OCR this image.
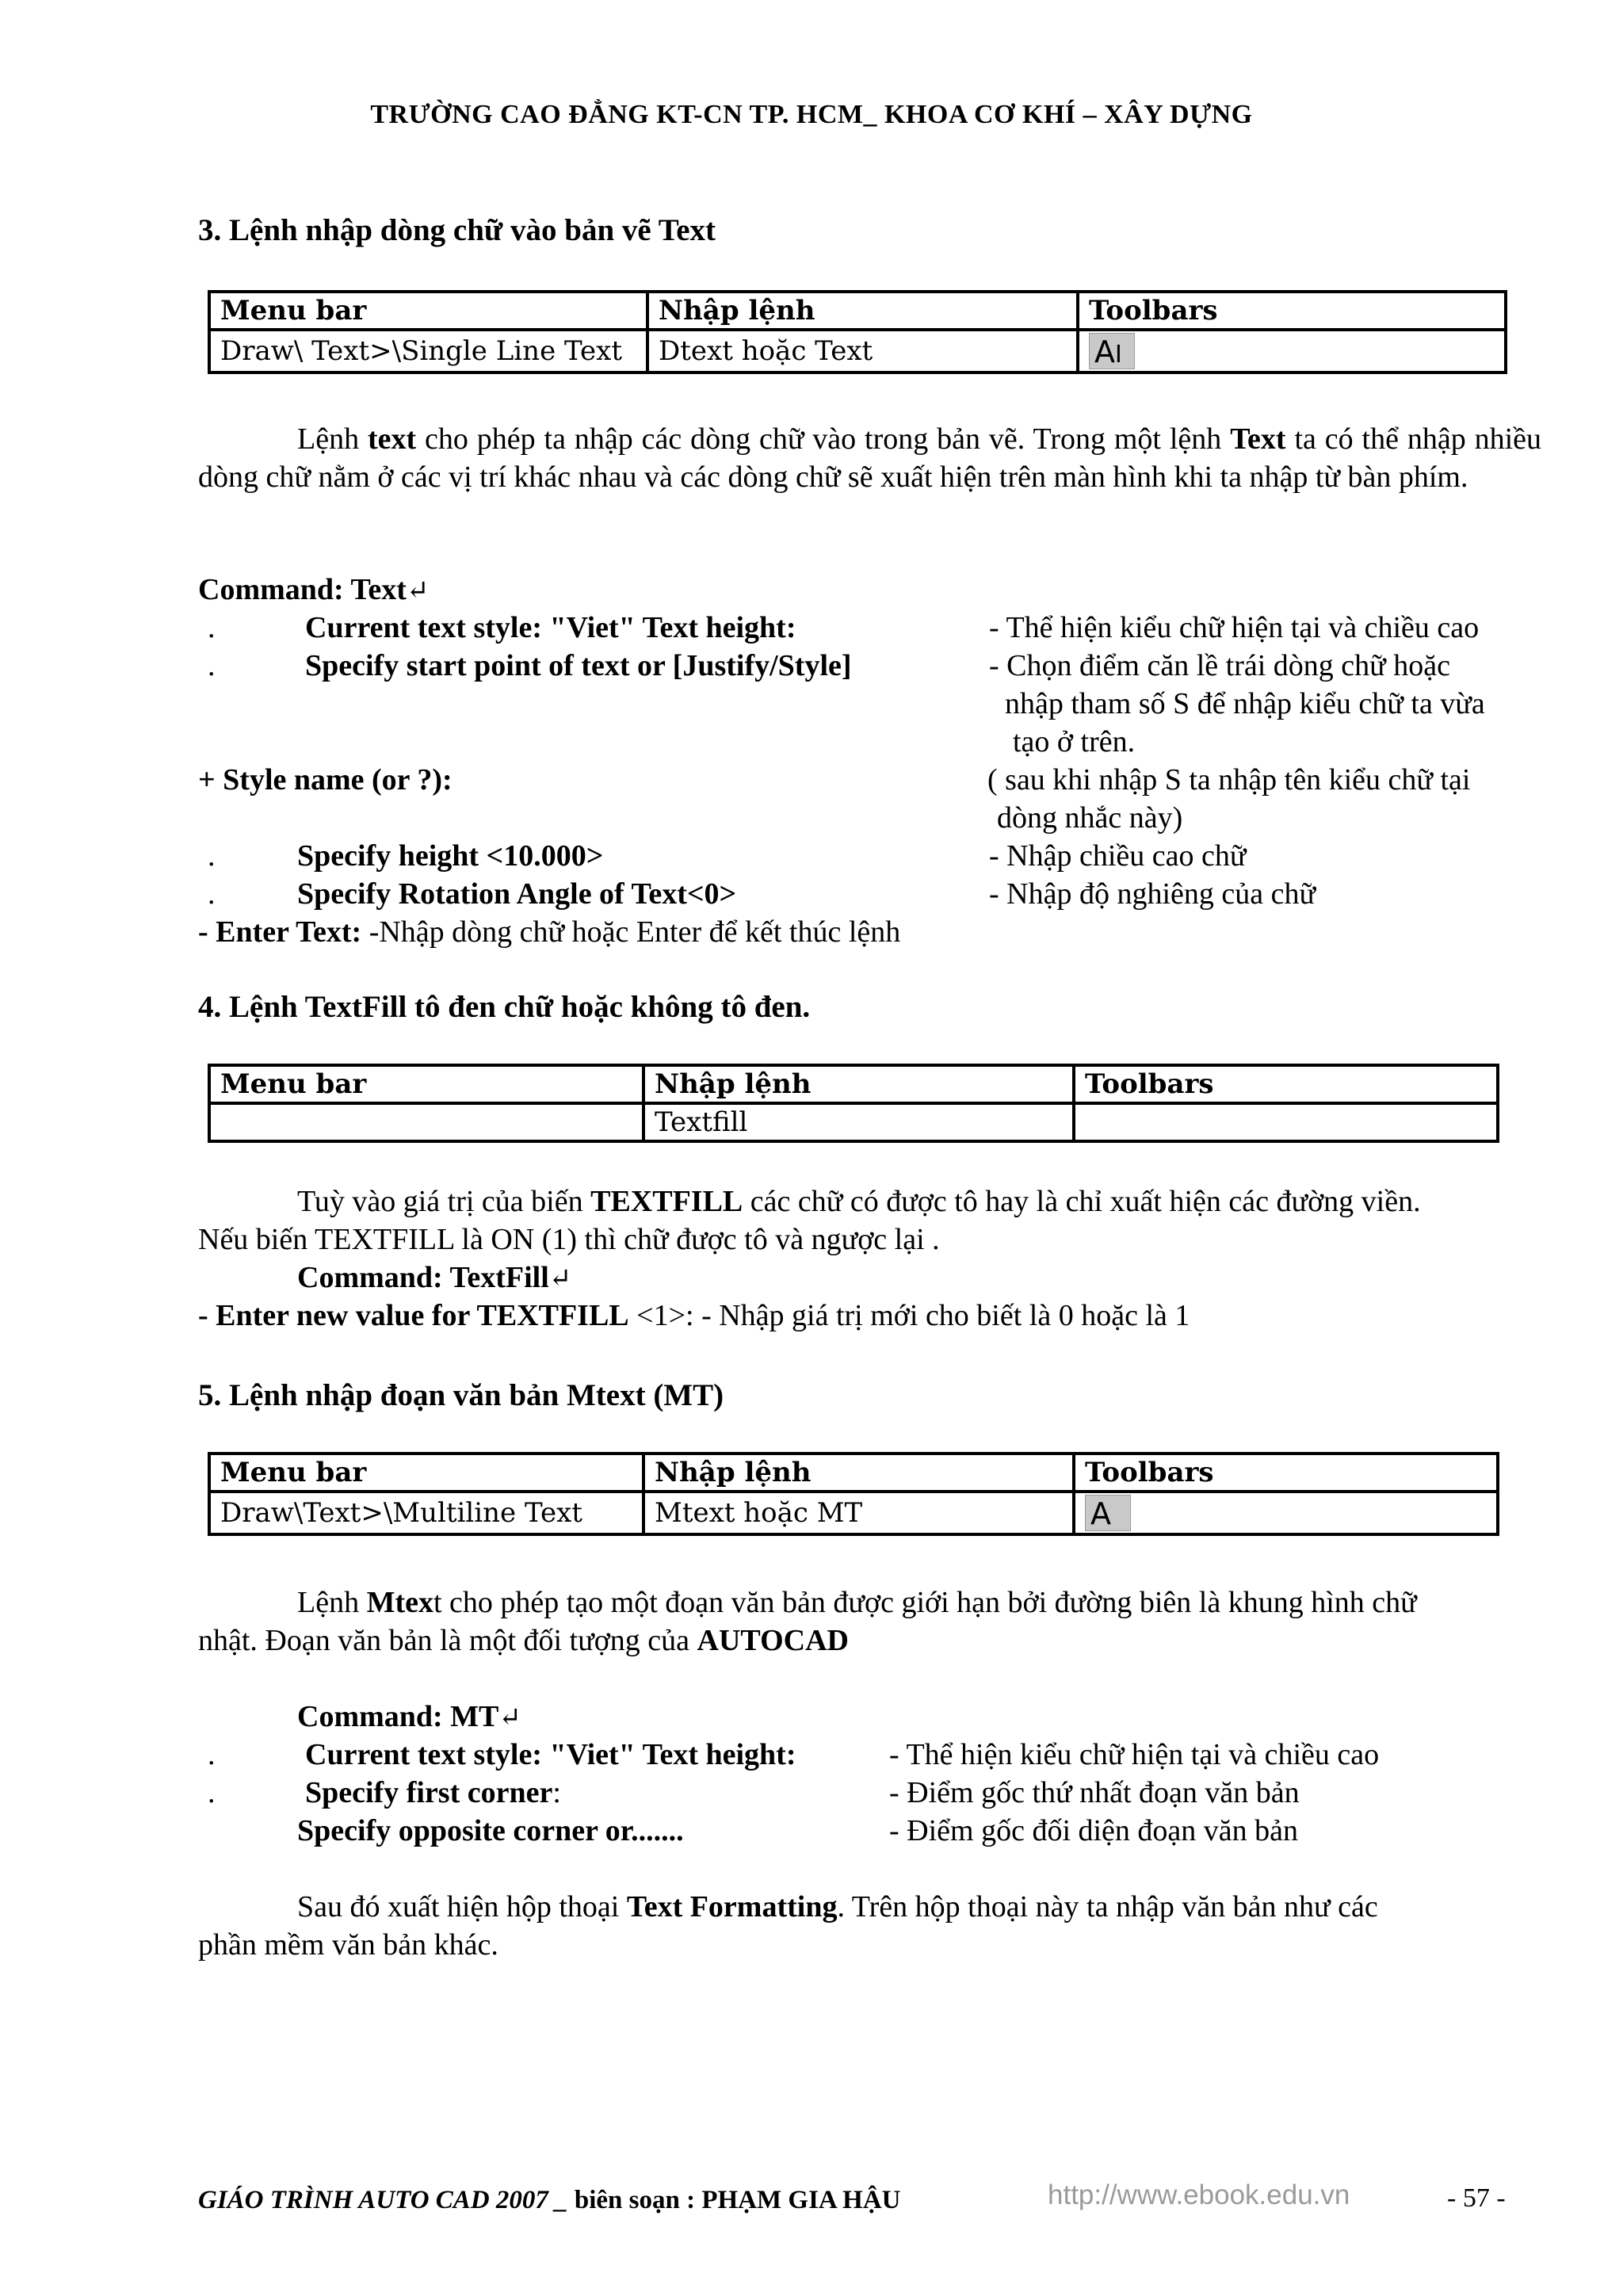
TRƯỜNG CAO ĐẲNG KT-CN TP. HCM_ KHOA CƠ KHÍ – XÂY DỰNG
3. Lệnh nhập dòng chữ vào bản vẽ Text
Menu bar	Nhập lệnh	Toolbars
Draw\ Text>\Single Line Text	Dtext hoặc Text	AI
Lệnh text cho phép ta nhập các dòng chữ vào trong bản vẽ. Trong một lệnh Text ta có thể nhập nhiều dòng chữ nằm ở các vị trí khác nhau và các dòng chữ sẽ xuất hiện trên màn hình khi ta nhập từ bàn phím.
Command: Text↵
.	Current text style: "Viet" Text height:	- Thể hiện kiểu chữ hiện tại và chiều cao
.	Specify start point of text or [Justify/Style]	- Chọn điểm căn lề trái dòng chữ hoặc
nhập tham số S để nhập kiểu chữ ta vừa
tạo ở trên.
+ Style name (or ?):	( sau khi nhập S ta nhập tên kiểu chữ tại
dòng nhắc này)
.	Specify height <10.000>	- Nhập chiều cao chữ
.	Specify Rotation Angle of Text<0>	- Nhập độ nghiêng của chữ
- Enter Text: -Nhập dòng chữ hoặc Enter để kết thúc lệnh
4. Lệnh TextFill tô đen chữ hoặc không tô đen.
Menu bar	Nhập lệnh	Toolbars
	Textfill	
Tuỳ vào giá trị của biến TEXTFILL các chữ có được tô hay là chỉ xuất hiện các đường viền.
Nếu biến TEXTFILL là ON (1) thì chữ được tô và ngược lại .
Command: TextFill↵
- Enter new value for TEXTFILL <1>: - Nhập giá trị mới cho biết là 0 hoặc là 1
5. Lệnh nhập đoạn văn bản Mtext (MT)
Menu bar	Nhập lệnh	Toolbars
Draw\Text>\Multiline Text	Mtext hoặc MT	A
Lệnh Mtext cho phép tạo một đoạn văn bản được giới hạn bởi đường biên là khung hình chữ
nhật. Đoạn văn bản là một đối tượng của AUTOCAD
Command: MT↵
.	Current text style: "Viet" Text height:	- Thể hiện kiểu chữ hiện tại và chiều cao
.	Specify first corner:	- Điểm gốc thứ nhất đoạn văn bản
Specify opposite corner or.......	- Điểm gốc đối diện đoạn văn bản
Sau đó xuất hiện hộp thoại Text Formatting. Trên hộp thoại này ta nhập văn bản như các
phần mềm văn bản khác.
GIÁO TRÌNH AUTO CAD 2007 _ biên soạn : PHẠM GIA HẬU	http://www.ebook.edu.vn	- 57 -
